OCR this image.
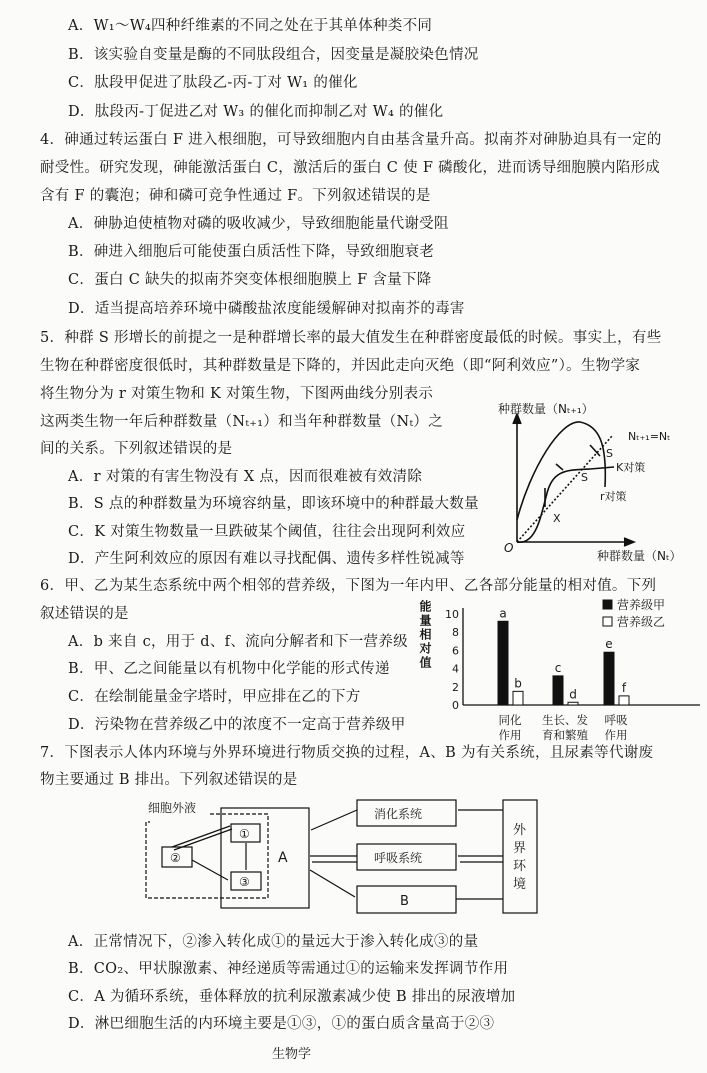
A．W₁～W₄四种纤维素的不同之处在于其单体种类不同
B．该实验自变量是酶的不同肽段组合，因变量是凝胶染色情况
C．肽段甲促进了肽段乙-丙-丁对 W₁ 的催化
D．肽段丙-丁促进乙对 W₃ 的催化而抑制乙对 W₄ 的催化
4．砷通过转运蛋白 F 进入根细胞，可导致细胞内自由基含量升高。拟南芥对砷胁迫具有一定的
耐受性。研究发现，砷能激活蛋白 C，激活后的蛋白 C 使 F 磷酸化，进而诱导细胞膜内陷形成
含有 F 的囊泡；砷和磷可竞争性通过 F。下列叙述错误的是
A．砷胁迫使植物对磷的吸收减少，导致细胞能量代谢受阻
B．砷进入细胞后可能使蛋白质活性下降，导致细胞衰老
C．蛋白 C 缺失的拟南芥突变体根细胞膜上 F 含量下降
D．适当提高培养环境中磷酸盐浓度能缓解砷对拟南芥的毒害
5．种群 S 形增长的前提之一是种群增长率的最大值发生在种群密度最低的时候。事实上，有些
生物在种群密度很低时，其种群数量是下降的，并因此走向灭绝（即“阿利效应”）。生物学家
将生物分为 r 对策生物和 K 对策生物，下图两曲线分别表示
这两类生物一年后种群数量（Nₜ₊₁）和当年种群数量（Nₜ）之
间的关系。下列叙述错误的是
A．r 对策的有害生物没有 X 点，因而很难被有效清除
B．S 点的种群数量为环境容纳量，即该环境中的种群最大数量
C．K 对策生物数量一旦跌破某个阈值，往往会出现阿利效应
D．产生阿利效应的原因有难以寻找配偶、遗传多样性锐减等
种群数量（Nₜ₊₁）
种群数量（Nₜ）
O
Nₜ₊₁=Nₜ
K对策
r对策
S
S
X
6．甲、乙为某生态系统中两个相邻的营养级，下图为一年内甲、乙各部分能量的相对值。下列
叙述错误的是
A．b 来自 c，用于 d、f、流向分解者和下一营养级
B．甲、乙之间能量以有机物中化学能的形式传递
C．在绘制能量金字塔时，甲应排在乙的下方
D．污染物在营养级乙中的浓度不一定高于营养级甲
0
2
4
6
8
10
同化
作用
生长、发
育和繁殖
呼吸
作用
a
c
e
b
d	f
营养级甲
营养级乙
能量相对值
7．下图表示人体内环境与外界环境进行物质交换的过程，A、B 为有关系统，且尿素等代谢废
物主要通过 B 排出。下列叙述错误的是
细胞外液
①
②
③
A
消化系统
呼吸系统
B
外
界
环
境
A．正常情况下，②渗入转化成①的量远大于渗入转化成③的量
B．CO₂、甲状腺激素、神经递质等需通过①的运输来发挥调节作用
C．A 为循环系统，垂体释放的抗利尿激素减少使 B 排出的尿液增加
D．淋巴细胞生活的内环境主要是①③，①的蛋白质含量高于②③
生物学
